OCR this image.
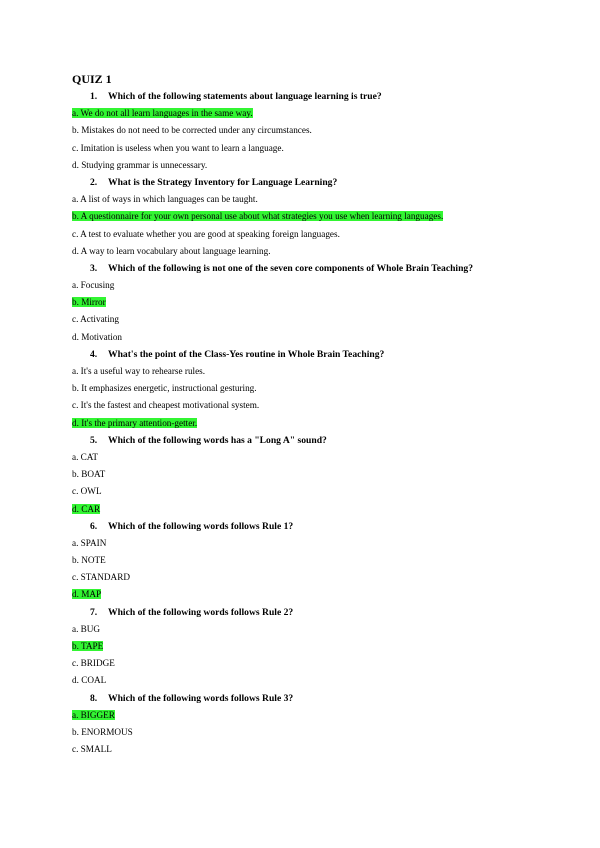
QUIZ 1
1. Which of the following statements about language learning is true?
a. We do not all learn languages in the same way.
b. Mistakes do not need to be corrected under any circumstances.
c. Imitation is useless when you want to learn a language.
d. Studying grammar is unnecessary.
2. What is the Strategy Inventory for Language Learning?
a. A list of ways in which languages can be taught.
b. A questionnaire for your own personal use about what strategies you use when learning languages.
c. A test to evaluate whether you are good at speaking foreign languages.
d. A way to learn vocabulary about language learning.
3. Which of the following is not one of the seven core components of Whole Brain Teaching?
a. Focusing
b. Mirror
c. Activating
d. Motivation
4. What's the point of the Class-Yes routine in Whole Brain Teaching?
a. It's a useful way to rehearse rules.
b. It emphasizes energetic, instructional gesturing.
c. It's the fastest and cheapest motivational system.
d. It's the primary attention-getter.
5. Which of the following words has a "Long A" sound?
a. CAT
b. BOAT
c. OWL
d. CAR
6. Which of the following words follows Rule 1?
a. SPAIN
b. NOTE
c. STANDARD
d. MAP
7. Which of the following words follows Rule 2?
a. BUG
b. TAPE
c. BRIDGE
d. COAL
8. Which of the following words follows Rule 3?
a. BIGGER
b. ENORMOUS
c. SMALL
